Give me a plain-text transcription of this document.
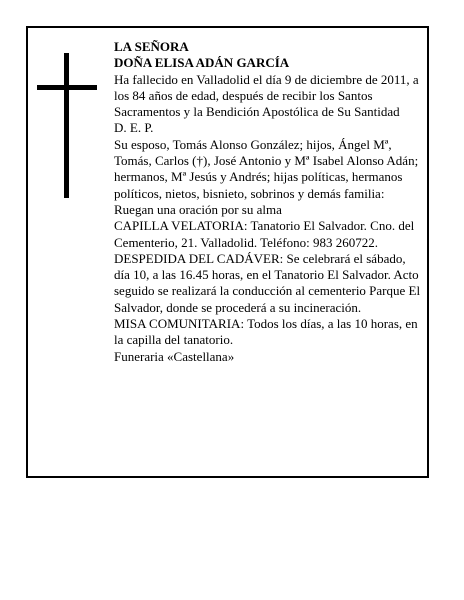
LA SEÑORA

DOÑA ELISA ADÁN GARCÍA

Ha fallecido en Valladolid el día 9 de diciembre de 2011, a los 84 años de edad, después de recibir los Santos Sacramentos y la Bendición Apostólica de Su Santidad

D. E. P.

Su esposo, Tomás Alonso González; hijos, Ángel Mª, Tomás, Carlos (†), José Antonio y Mª Isabel Alonso Adán; hermanos, Mª Jesús y Andrés; hijas políticas, hermanos políticos, nietos, bisnieto, sobrinos y demás familia:

Ruegan una oración por su alma

CAPILLA VELATORIA: Tanatorio El Salvador. Cno. del Cementerio, 21. Valladolid. Teléfono: 983 260722.

DESPEDIDA DEL CADÁVER: Se celebrará el sábado, día 10, a las 16.45 horas, en el Tanatorio El Salvador. Acto seguido se realizará la conducción al cementerio Parque El Salvador, donde se procederá a su incineración.

MISA COMUNITARIA: Todos los días, a las 10 horas, en la capilla del tanatorio.

Funeraria «Castellana»
